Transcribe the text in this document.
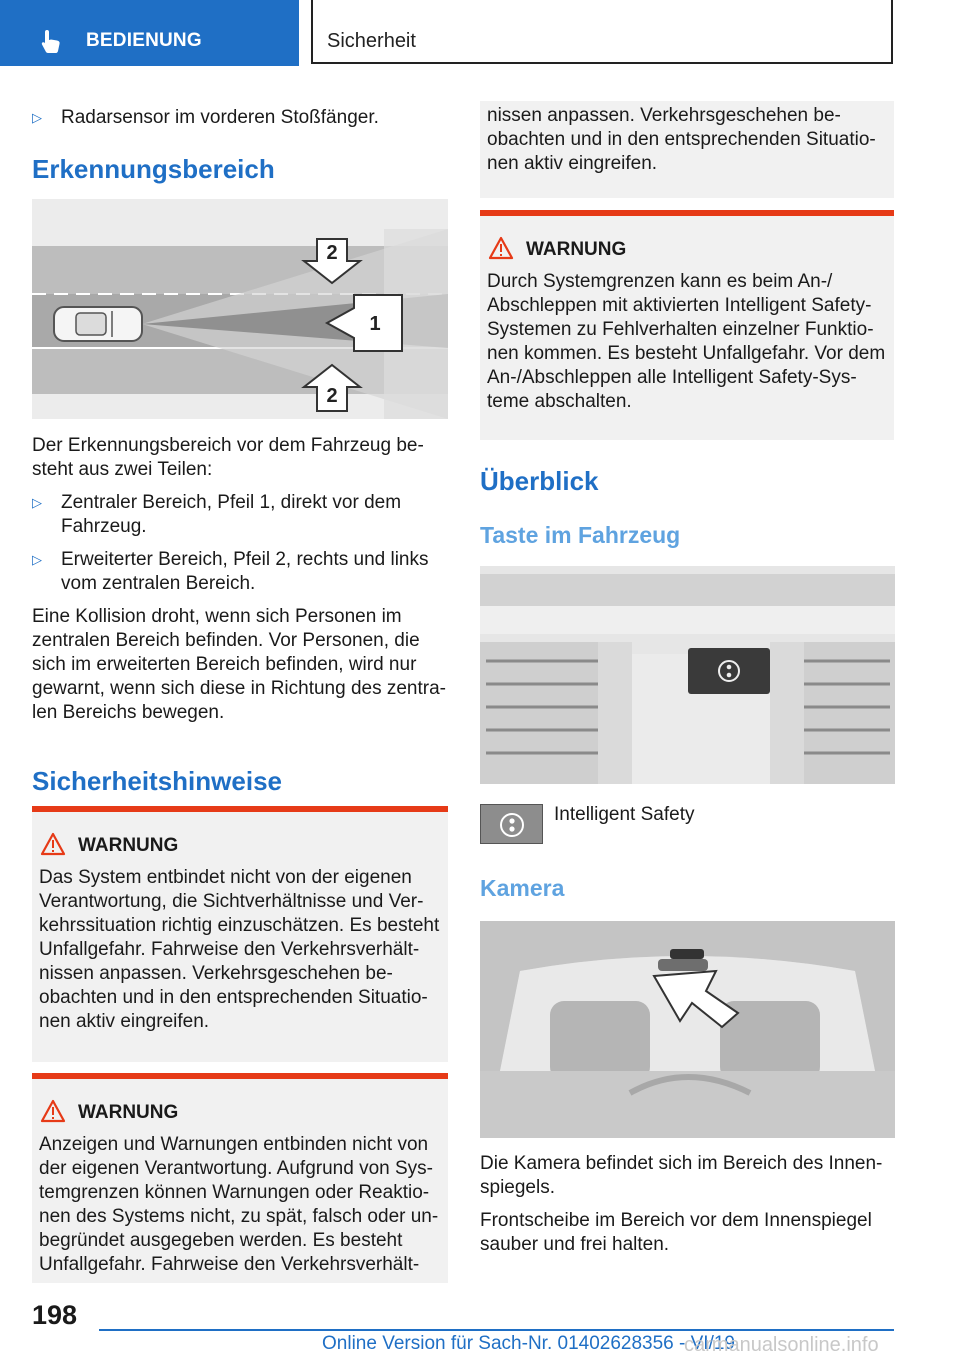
BEDIENUNG	Sicherheit
▷ Radarsensor im vorderen Stoßfänger.
Erkennungsbereich
2
1
2
Der Erkennungsbereich vor dem Fahrzeug be-
steht aus zwei Teilen:
▷ Zentraler Bereich, Pfeil 1, direkt vor dem
Fahrzeug.
▷ Erweiterter Bereich, Pfeil 2, rechts und links
vom zentralen Bereich.
Eine Kollision droht, wenn sich Personen im
zentralen Bereich befinden. Vor Personen, die
sich im erweiterten Bereich befinden, wird nur
gewarnt, wenn sich diese in Richtung des zentra-
len Bereichs bewegen.
Sicherheitshinweise
WARNUNG
Das System entbindet nicht von der eigenen
Verantwortung, die Sichtverhältnisse und Ver-
kehrssituation richtig einzuschätzen. Es besteht
Unfallgefahr. Fahrweise den Verkehrsverhält-
nissen anpassen. Verkehrsgeschehen be-
obachten und in den entsprechenden Situatio-
nen aktiv eingreifen.
WARNUNG
Anzeigen und Warnungen entbinden nicht von
der eigenen Verantwortung. Aufgrund von Sys-
temgrenzen können Warnungen oder Reaktio-
nen des Systems nicht, zu spät, falsch oder un-
begründet ausgegeben werden. Es besteht
Unfallgefahr. Fahrweise den Verkehrsverhält-
nissen anpassen. Verkehrsgeschehen be-
obachten und in den entsprechenden Situatio-
nen aktiv eingreifen.
WARNUNG
Durch Systemgrenzen kann es beim An-/
Abschleppen mit aktivierten Intelligent Safety-
Systemen zu Fehlverhalten einzelner Funktio-
nen kommen. Es besteht Unfallgefahr. Vor dem
An-/Abschleppen alle Intelligent Safety-Sys-
teme abschalten.
Überblick
Taste im Fahrzeug
Intelligent Safety
Kamera
Die Kamera befindet sich im Bereich des Innen-
spiegels.
Frontscheibe im Bereich vor dem Innenspiegel
sauber und frei halten.
198
Online Version für Sach-Nr. 01402628356 - VI/19
carmanualsonline.info
